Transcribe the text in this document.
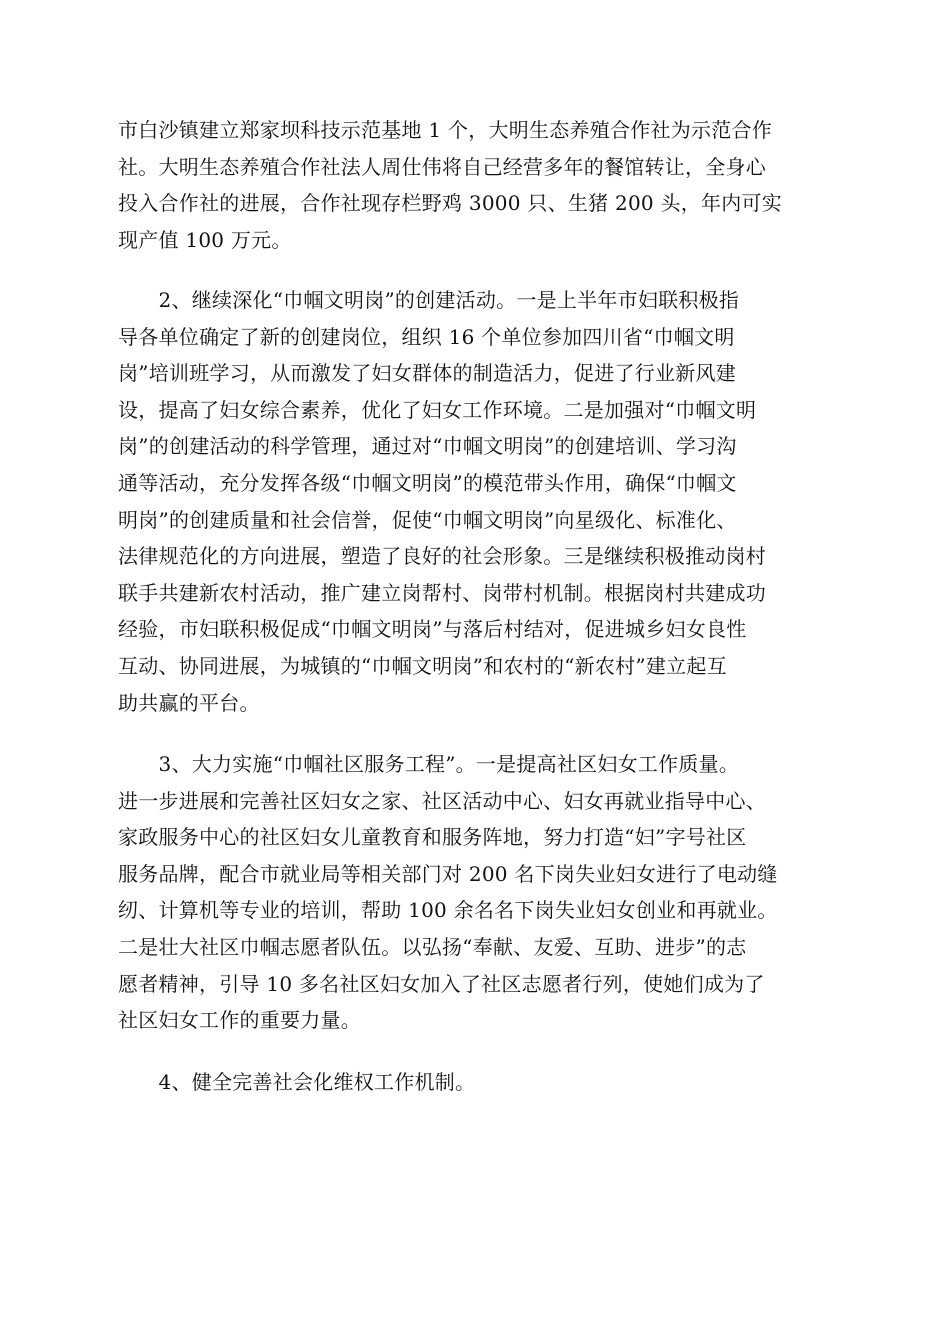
市白沙镇建立郑家坝科技示范基地 1 个，大明生态养殖合作社为示范合作
社。大明生态养殖合作社法人周仕伟将自己经营多年的餐馆转让，全身心
投入合作社的进展，合作社现存栏野鸡 3000 只、生猪 200 头，年内可实
现产值 100 万元。

　　2、继续深化“巾帼文明岗”的创建活动。一是上半年市妇联积极指
导各单位确定了新的创建岗位，组织 16 个单位参加四川省“巾帼文明
岗”培训班学习，从而激发了妇女群体的制造活力，促进了行业新风建
设，提高了妇女综合素养，优化了妇女工作环境。二是加强对“巾帼文明
岗”的创建活动的科学管理，通过对“巾帼文明岗”的创建培训、学习沟
通等活动，充分发挥各级“巾帼文明岗”的模范带头作用，确保“巾帼文
明岗”的创建质量和社会信誉，促使“巾帼文明岗”向星级化、标准化、
法律规范化的方向进展，塑造了良好的社会形象。三是继续积极推动岗村
联手共建新农村活动，推广建立岗帮村、岗带村机制。根据岗村共建成功
经验，市妇联积极促成“巾帼文明岗”与落后村结对，促进城乡妇女良性
互动、协同进展，为城镇的“巾帼文明岗”和农村的“新农村”建立起互
助共赢的平台。

　　3、大力实施“巾帼社区服务工程”。一是提高社区妇女工作质量。
进一步进展和完善社区妇女之家、社区活动中心、妇女再就业指导中心、
家政服务中心的社区妇女儿童教育和服务阵地，努力打造“妇”字号社区
服务品牌，配合市就业局等相关部门对 200 名下岗失业妇女进行了电动缝
纫、计算机等专业的培训，帮助 100 余名名下岗失业妇女创业和再就业。
二是壮大社区巾帼志愿者队伍。以弘扬“奉献、友爱、互助、进步”的志
愿者精神，引导 10 多名社区妇女加入了社区志愿者行列，使她们成为了
社区妇女工作的重要力量。

　　4、健全完善社会化维权工作机制。
